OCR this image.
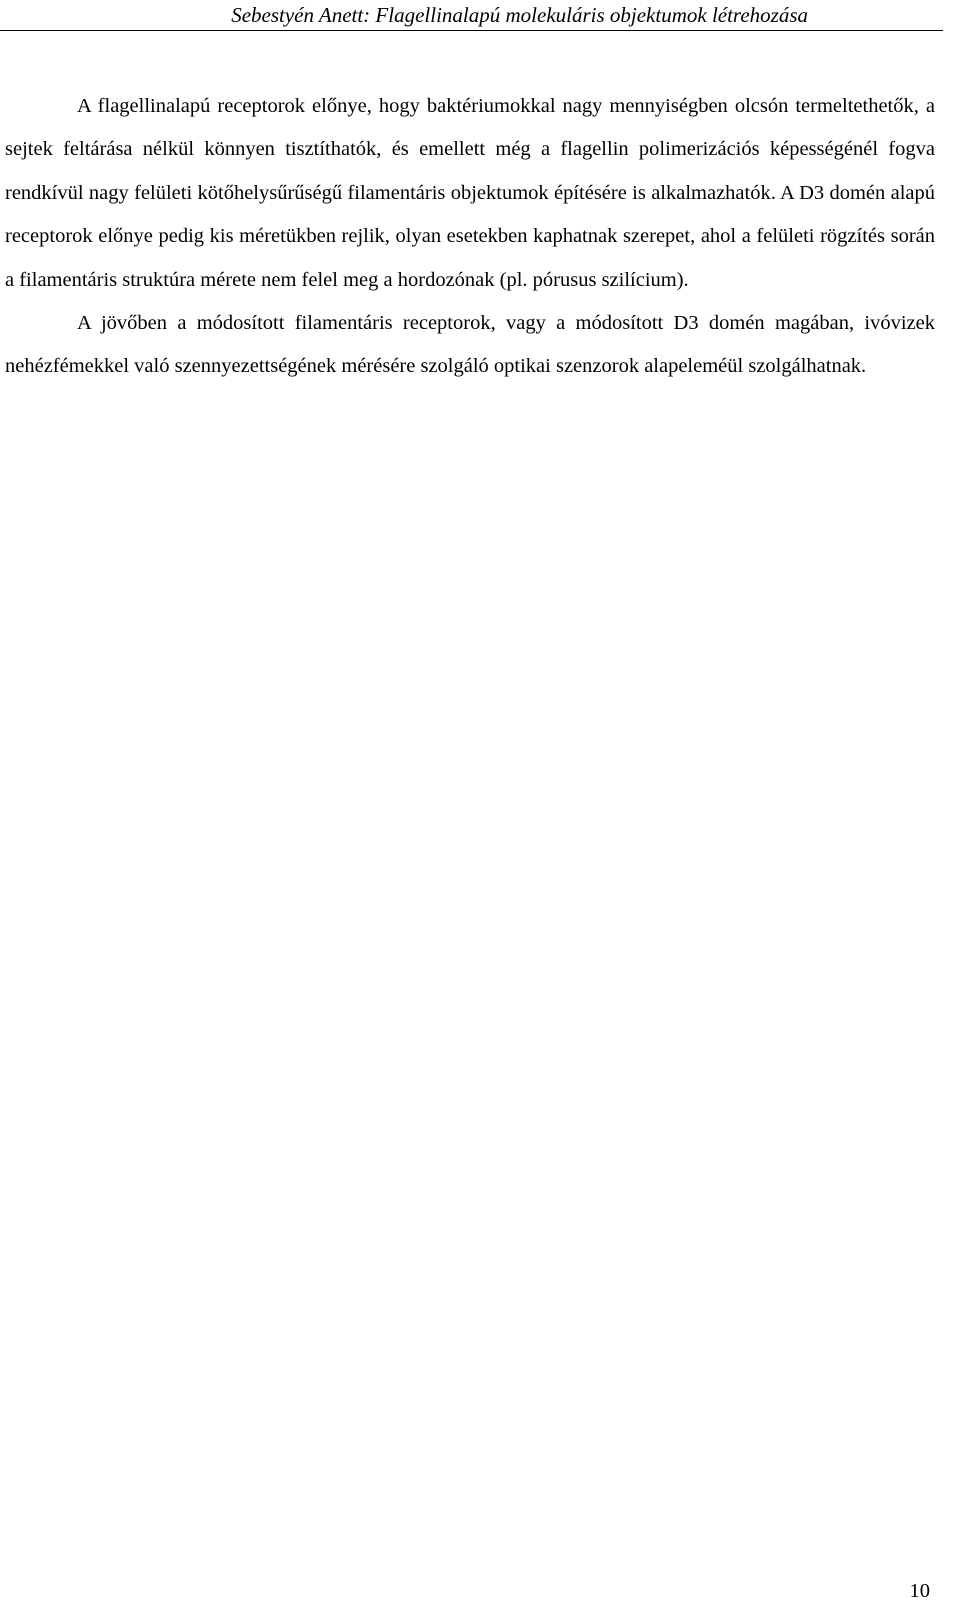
Sebestyén Anett: Flagellinalapú molekuláris objektumok létrehozása

A flagellinalapú receptorok előnye, hogy baktériumokkal nagy mennyiségben olcsón termeltethetők, a sejtek feltárása nélkül könnyen tisztíthatók, és emellett még a flagellin polimerizációs képességénél fogva rendkívül nagy felületi kötőhelysűrűségű filamentáris objektumok építésére is alkalmazhatók. A D3 domén alapú receptorok előnye pedig kis méretükben rejlik, olyan esetekben kaphatnak szerepet, ahol a felületi rögzítés során a filamentáris struktúra mérete nem felel meg a hordozónak (pl. pórusus szilícium).

A jövőben a módosított filamentáris receptorok, vagy a módosított D3 domén magában, ivóvizek nehézfémekkel való szennyezettségének mérésére szolgáló optikai szenzorok alapeleméül szolgálhatnak.

10
